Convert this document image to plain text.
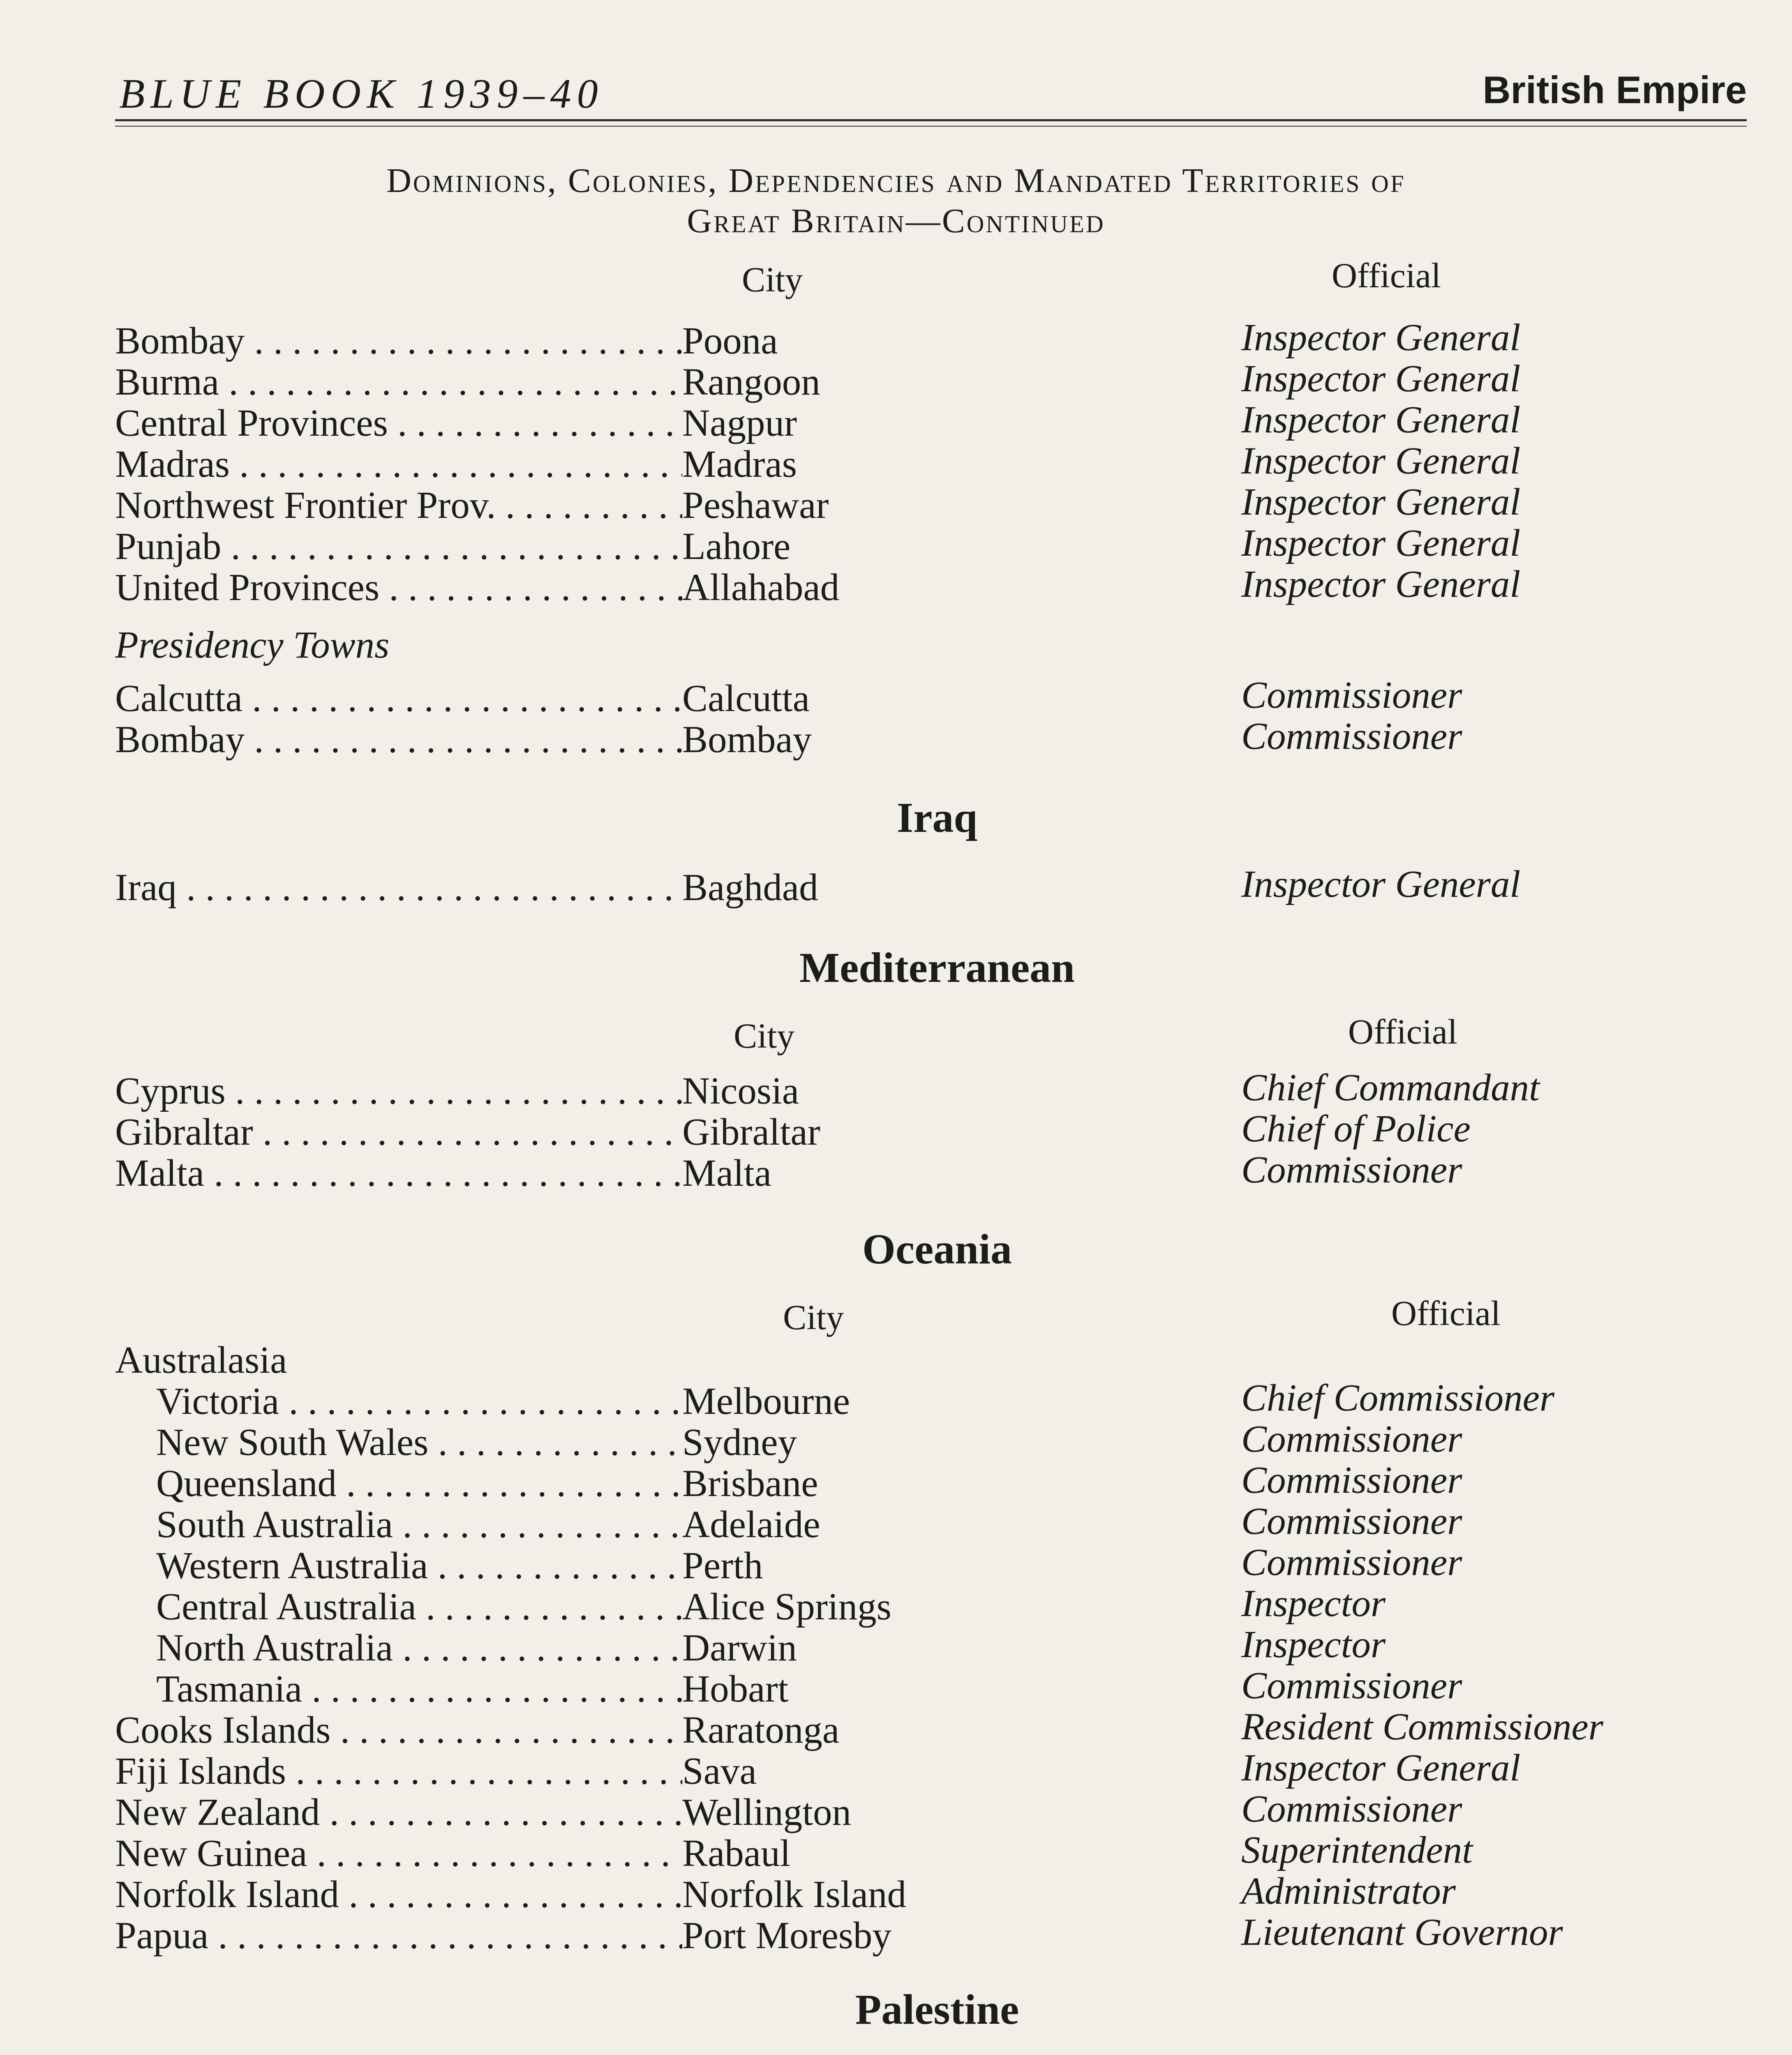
BLUE BOOK 1939–40	British Empire
Dominions, Colonies, Dependencies and Mandated Territories of
Great Britain—Continued
City	Official
Bombay . . .	Poona	Inspector General
Burma . . .	Rangoon	Inspector General
Central Provinces . . .	Nagpur	Inspector General
Madras . . .	Madras	Inspector General
Northwest Frontier Prov. . . .	Peshawar	Inspector General
Punjab . . .	Lahore	Inspector General
United Provinces . . .	Allahabad	Inspector General
Presidency Towns
Calcutta . . .	Calcutta	Commissioner
Bombay . . .	Bombay	Commissioner
Iraq
Iraq . . .	Baghdad	Inspector General
Mediterranean
City	Official
Cyprus . . .	Nicosia	Chief Commandant
Gibraltar . . .	Gibraltar	Chief of Police
Malta . . .	Malta	Commissioner
Oceania
City	Official
Australasia
Victoria . . .	Melbourne	Chief Commissioner
New South Wales . . .	Sydney	Commissioner
Queensland . . .	Brisbane	Commissioner
South Australia . . .	Adelaide	Commissioner
Western Australia . . .	Perth	Commissioner
Central Australia . . .	Alice Springs	Inspector
North Australia . . .	Darwin	Inspector
Tasmania . . .	Hobart	Commissioner
Cooks Islands . . .	Raratonga	Resident Commissioner
Fiji Islands . . .	Sava	Inspector General
New Zealand . . .	Wellington	Commissioner
New Guinea . . .	Rabaul	Superintendent
Norfolk Island . . .	Norfolk Island	Administrator
Papua . . .	Port Moresby	Lieutenant Governor
Palestine
